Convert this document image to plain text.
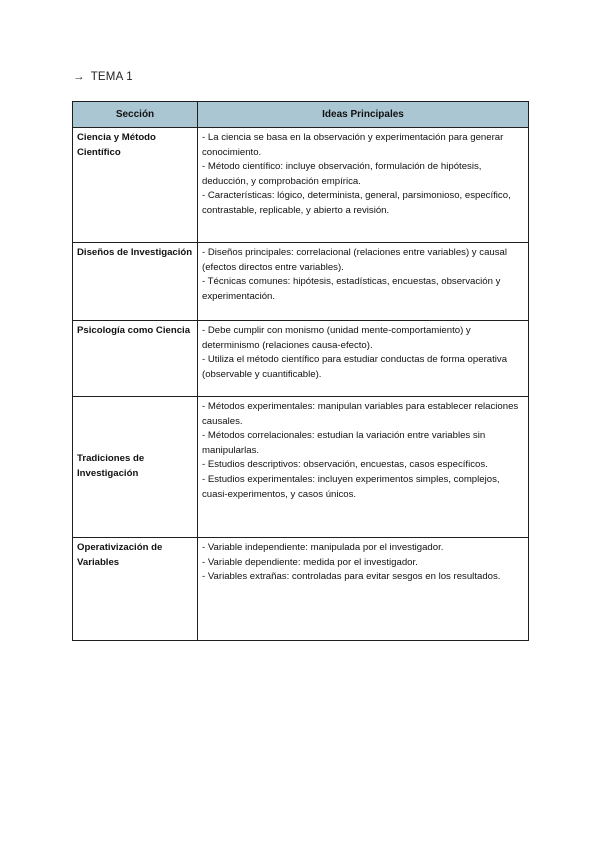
→ TEMA 1
Sección	Ideas Principales

Ciencia y Método Científico	- La ciencia se basa en la observación y experimentación para generar conocimiento.
- Método científico: incluye observación, formulación de hipótesis, deducción, y comprobación empírica.
- Características: lógico, determinista, general, parsimonioso, específico, contrastable, replicable, y abierto a revisión.

Diseños de Investigación	- Diseños principales: correlacional (relaciones entre variables) y causal (efectos directos entre variables).
- Técnicas comunes: hipótesis, estadísticas, encuestas, observación y experimentación.

Psicología como Ciencia	- Debe cumplir con monismo (unidad mente-comportamiento) y determinismo (relaciones causa-efecto).
- Utiliza el método científico para estudiar conductas de forma operativa (observable y cuantificable).

Tradiciones de Investigación	- Métodos experimentales: manipulan variables para establecer relaciones causales.
- Métodos correlacionales: estudian la variación entre variables sin manipularlas.
- Estudios descriptivos: observación, encuestas, casos específicos.
- Estudios experimentales: incluyen experimentos simples, complejos, cuasi-experimentos, y casos únicos.

Operativización de Variables	- Variable independiente: manipulada por el investigador.
- Variable dependiente: medida por el investigador.
- Variables extrañas: controladas para evitar sesgos en los resultados.
